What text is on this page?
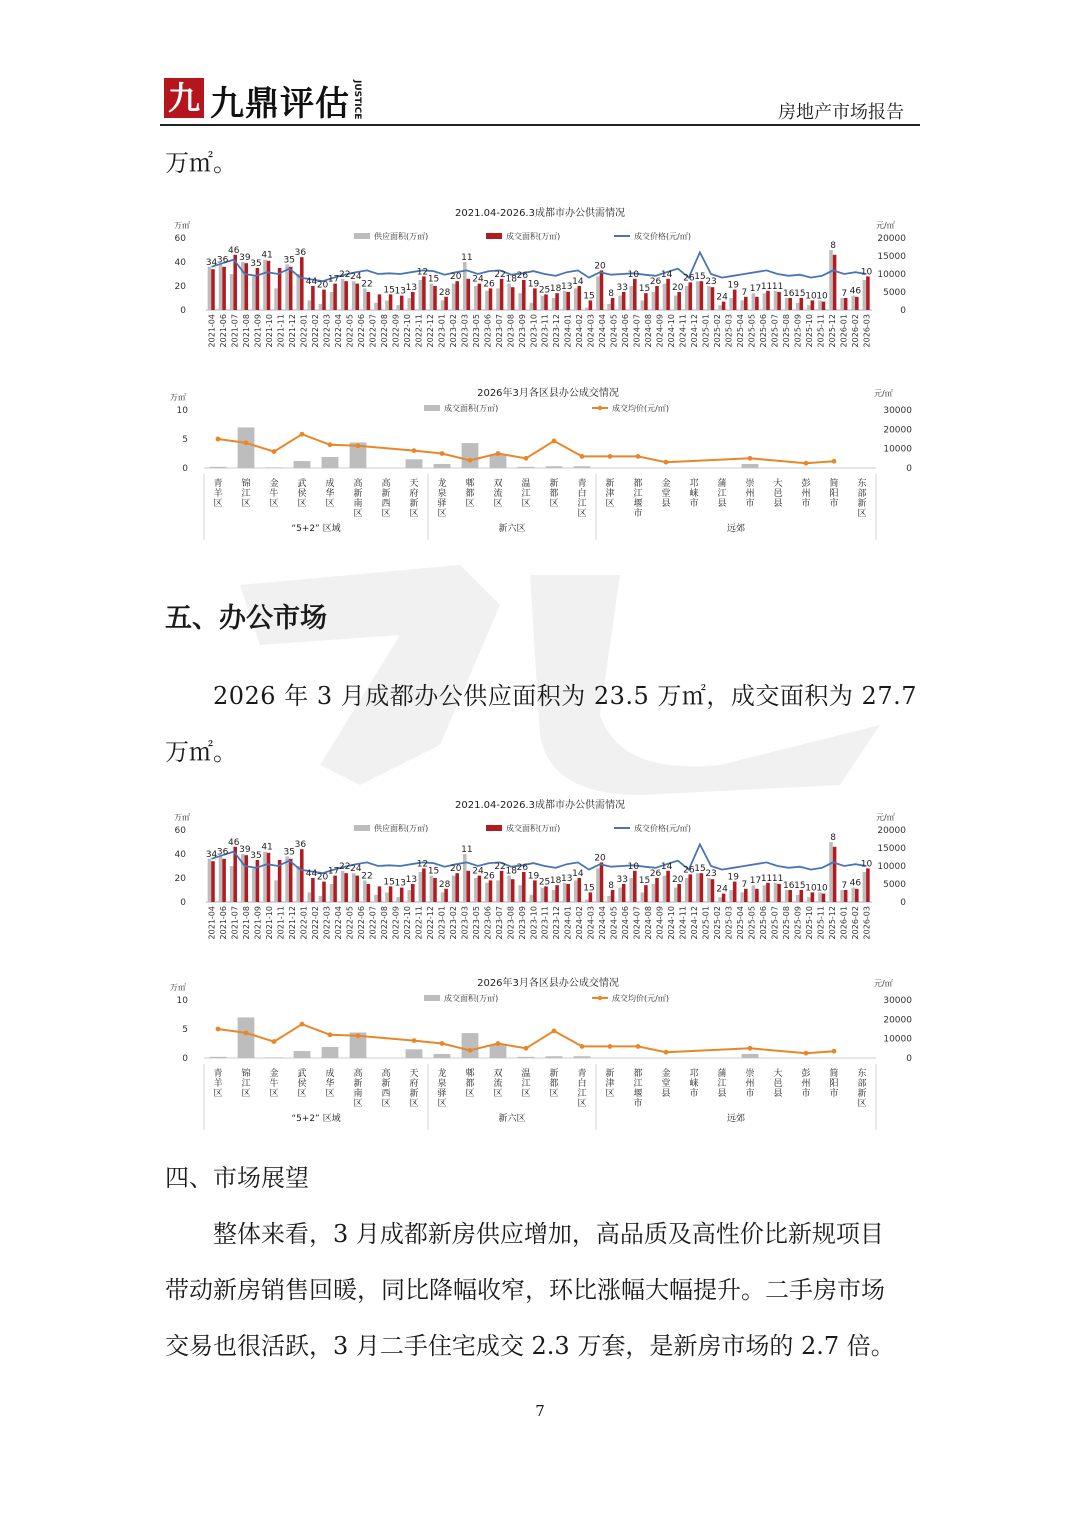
九 九鼎评估 JUSTICE	房地产市场报告
万㎡。
2021.04-2026.3成都市办公供需情况
万㎡	元/㎡
供应面积(万㎡)	成交面积(万㎡)	成交价格(元/㎡)
60
40
20
0
20000
15000
10000
5000
0
34 36
46
39
35
41 35
36
44 20
17 22 24
22
15 13 13
12
15
28
20
11
24 26
22 18 26
19
25 18 13 14
15
20
8
33
10
15
26
14
20
26 15 23
24
19
7 17 11 11
16 15 10 10
8
7 46
10
2021-04 2021-06 2021-07 2021-08 2021-09 2021-10 2021-11 2021-12 2022-01 2022-02 2022-03 2022-04 2022-05 2022-06 2022-07 2022-08 2022-09 2022-10 2022-11 2022-12 2023-01 2023-02 2023-03 2023-05 2023-06 2023-07 2023-08 2023-09 2023-10 2023-11 2023-12 2024-01 2024-02 2024-03 2024-04 2024-05 2024-06 2024-07 2024-08 2024-09 2024-10 2024-11 2024-12 2025-01 2025-02 2025-03 2025-04 2025-05 2025-06 2025-07 2025-08 2025-09 2025-10 2025-11 2025-12 2026-01 2026-02 2026-03
2026年3月各区县办公成交情况
万㎡	元/㎡
成交面积(万㎡)	成交均价(元/㎡)
10
5
0
30000
20000
10000
0
青
羊
区
锦
江
区
金
牛
区
武
侯
区
成
华
区
高
新
南
区
高
新
西
区
天
府
新
区
龙
泉
驿
区
郫
都
区
双
流
区
温
江
区
新
都
区
青
白
江
区
新
津
区
都
江
堰
市
金
堂
县
邛
崃
市
蒲
江
县
崇
州
市
大
邑
县
彭
州
市
简
阳
市
东
部
新
区
“5+2” 区域	新六区	远郊
五、办公市场
2026 年 3 月成都办公供应面积为 23.5 万㎡，成交面积为 27.7
万㎡。
2021.04-2026.3成都市办公供需情况
万㎡	元/㎡
供应面积(万㎡)	成交面积(万㎡)	成交价格(元/㎡)
60
40
20
0
20000
15000
10000
5000
0
34 36
46
39
35
41 35
36
44 20
17 22 24
22
15 13 13
12
15
28
20
11
24 26
22 18 26
19
25 18 13 14
15
20
8
33
10
15
26
14
20
26 15 23
24
19
7 17 11 11
16 15 10 10
8
7 46
10
2021-04 2021-06 2021-07 2021-08 2021-09 2021-10 2021-11 2021-12 2022-01 2022-02 2022-03 2022-04 2022-05 2022-06 2022-07 2022-08 2022-09 2022-10 2022-11 2022-12 2023-01 2023-02 2023-03 2023-05 2023-06 2023-07 2023-08 2023-09 2023-10 2023-11 2023-12 2024-01 2024-02 2024-03 2024-04 2024-05 2024-06 2024-07 2024-08 2024-09 2024-10 2024-11 2024-12 2025-01 2025-02 2025-03 2025-04 2025-05 2025-06 2025-07 2025-08 2025-09 2025-10 2025-11 2025-12 2026-01 2026-02 2026-03
2026年3月各区县办公成交情况
万㎡	元/㎡
成交面积(万㎡)	成交均价(元/㎡)
10
5
0
30000
20000
10000
0
青
羊
区
锦
江
区
金
牛
区
武
侯
区
成
华
区
高
新
南
区
高
新
西
区
天
府
新
区
龙
泉
驿
区
郫
都
区
双
流
区
温
江
区
新
都
区
青
白
江
区
新
津
区
都
江
堰
市
金
堂
县
邛
崃
市
蒲
江
县
崇
州
市
大
邑
县
彭
州
市
简
阳
市
东
部
新
区
“5+2” 区域	新六区	远郊
四、市场展望
整体来看，3 月成都新房供应增加，高品质及高性价比新规项目
带动新房销售回暖，同比降幅收窄，环比涨幅大幅提升。二手房市场
交易也很活跃，3 月二手住宅成交 2.3 万套，是新房市场的 2.7 倍。
7
